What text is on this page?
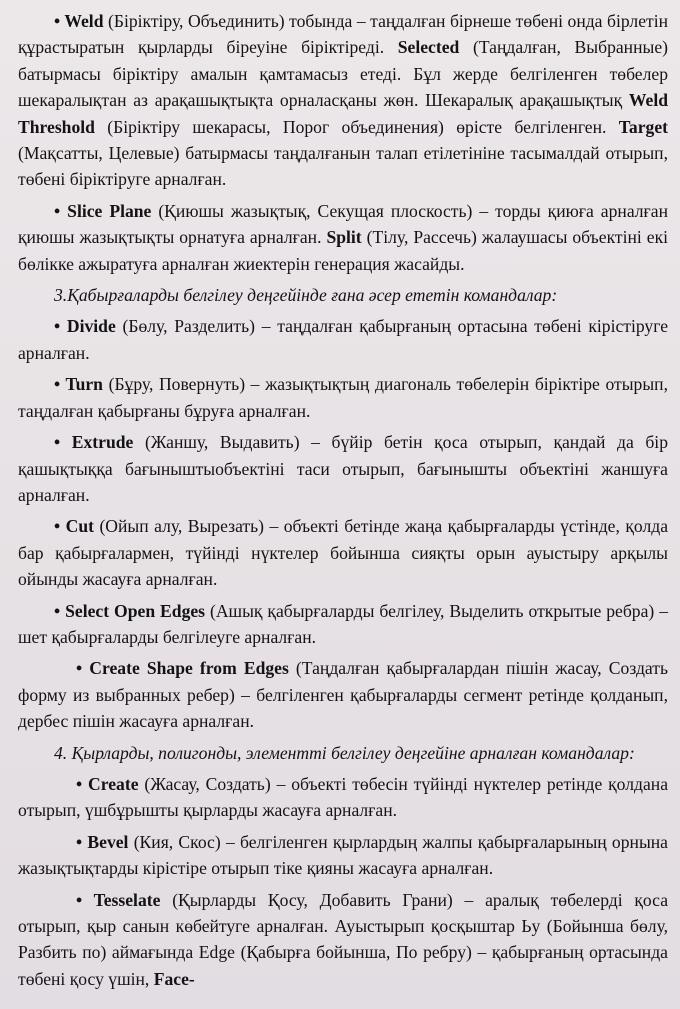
• Weld (Біріктіру, Объединить) тобында – таңдалған бірнеше төбені онда бірлетін құрастыратын қырларды біреуіне біріктіреді. Selected (Таңдалған, Выбранные) батырмасы біріктіру амалын қамтамасыз етеді. Бұл жерде белгіленген төбелер шекаралықтан аз арақашықтықта орналасқаны жөн. Шекаралық арақашықтық Weld Threshold (Біріктіру шекарасы, Порог объединения) өрісте белгіленген. Target (Мақсатты, Целевые) батырмасы таңдалғанын талап етілетініне тасымалдай отырып, төбені біріктіруге арналған.

• Slice Plane (Қиюшы жазықтық, Секущая плоскость) – торды қиюға арналған қиюшы жазықтықты орнатуға арналған. Split (Тілу, Рассечь) жалаушасы объектіні екі бөлікке ажыратуға арналған жиектерін генерация жасайды.

3.Қабырғаларды белгілеу деңгейінде ғана әсер ететін командалар:

• Divide (Бөлу, Разделить) – таңдалған қабырғаның ортасына төбені кірістіруге арналған.

• Turn (Бұру, Повернуть) – жазықтықтың диагональ төбелерін біріктіре отырып, таңдалған қабырғаны бұруға арналған.

• Extrude (Жаншу, Выдавить) – бүйір бетін қоса отырып, қандай да бір қашықтыққа бағыныштыобъектіні таси отырып, бағынышты объектіні жаншуға арналған.

• Cut (Ойып алу, Вырезать) – объекті бетінде жаңа қабырғаларды үстінде, қолда бар қабырғалармен, түйінді нүктелер бойынша сияқты орын ауыстыру арқылы ойынды жасауға арналған.

• Select Open Edges (Ашық қабырғаларды белгілеу, Выделить открытые ребра) – шет қабырғаларды белгілеуге арналған.

• Create Shape from Edges (Таңдалған қабырғалардан пішін жасау, Создать форму из выбранных ребер) – белгіленген қабырғаларды сегмент ретінде қолданып, дербес пішін жасауға арналған.

4. Қырларды, полигонды, элементті белгілеу деңгейіне арналған командалар:

• Create (Жасау, Создать) – объекті төбесін түйінді нүктелер ретінде қолдана отырып, үшбұрышты қырларды жасауға арналған.

• Bevel (Кия, Скос) – белгіленген қырлардың жалпы қабырғаларының орнына жазықтықтарды кірістіре отырып тіке қияны жасауға арналған.

• Tesselate (Қырларды Қосу, Добавить Грани) – аралық төбелерді қоса отырып, қыр санын көбейтуге арналған. Ауыстырып қосқыштар Ьу (Бойынша бөлу, Разбить по) аймағында Edge (Қабырға бойынша, По ребру) – қабырғаның ортасында төбені қосу үшін, Face-
